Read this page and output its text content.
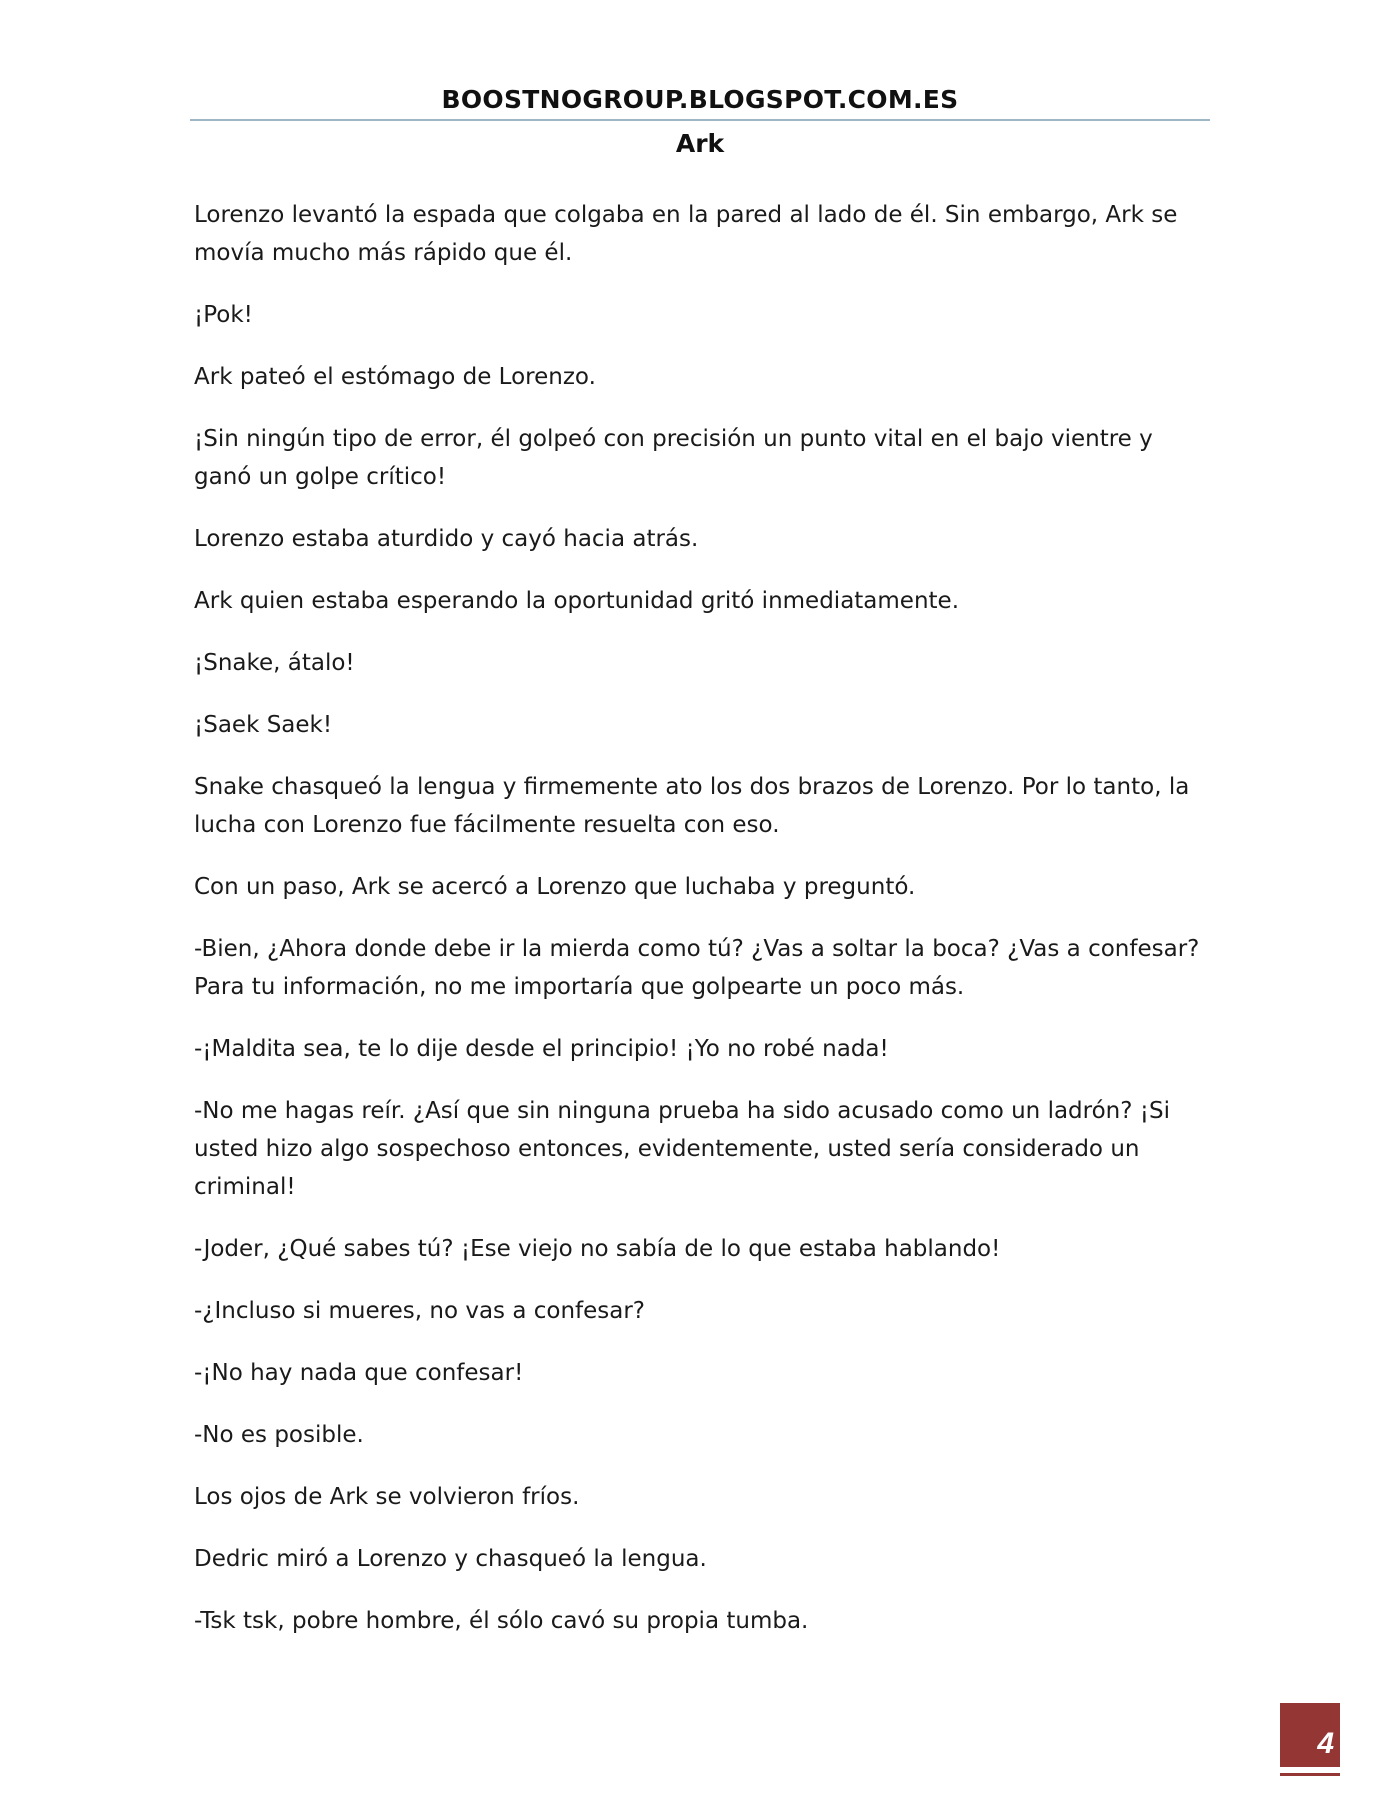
BOOSTNOGROUP.BLOGSPOT.COM.ES
Ark

Lorenzo levantó la espada que colgaba en la pared al lado de él. Sin embargo, Ark se movía mucho más rápido que él.

¡Pok!

Ark pateó el estómago de Lorenzo.

¡Sin ningún tipo de error, él golpeó con precisión un punto vital en el bajo vientre y ganó un golpe crítico!

Lorenzo estaba aturdido y cayó hacia atrás.

Ark quien estaba esperando la oportunidad gritó inmediatamente.

¡Snake, átalo!

¡Saek Saek!

Snake chasqueó la lengua y firmemente ato los dos brazos de Lorenzo. Por lo tanto, la lucha con Lorenzo fue fácilmente resuelta con eso.

Con un paso, Ark se acercó a Lorenzo que luchaba y preguntó.

-Bien, ¿Ahora donde debe ir la mierda como tú? ¿Vas a soltar la boca? ¿Vas a confesar? Para tu información, no me importaría que golpearte un poco más.

-¡Maldita sea, te lo dije desde el principio! ¡Yo no robé nada!

-No me hagas reír. ¿Así que sin ninguna prueba ha sido acusado como un ladrón? ¡Si usted hizo algo sospechoso entonces, evidentemente, usted sería considerado un criminal!

-Joder, ¿Qué sabes tú? ¡Ese viejo no sabía de lo que estaba hablando!

-¿Incluso si mueres, no vas a confesar?

-¡No hay nada que confesar!

-No es posible.

Los ojos de Ark se volvieron fríos.

Dedric miró a Lorenzo y chasqueó la lengua.

-Tsk tsk, pobre hombre, él sólo cavó su propia tumba.

4
